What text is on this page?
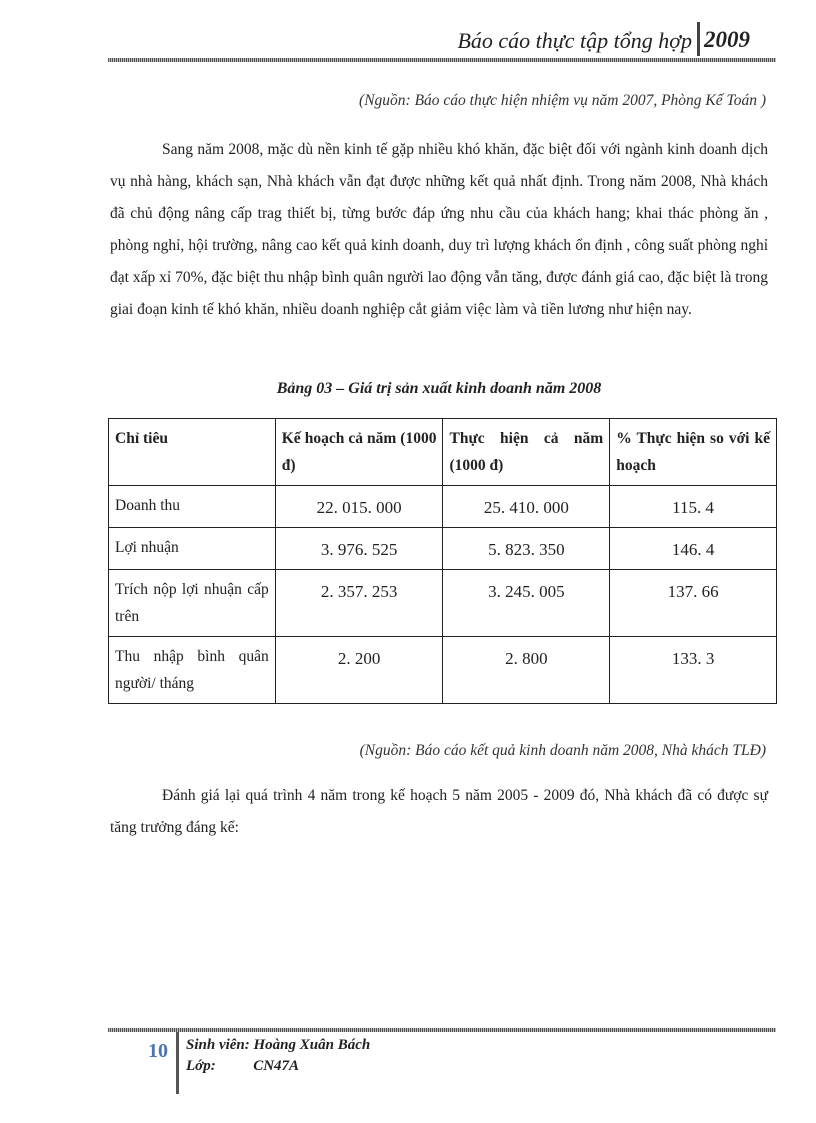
Báo cáo thực tập tổng hợp 2009
(Nguồn: Báo cáo thực hiện nhiệm vụ năm 2007, Phòng Kế Toán )
Sang năm 2008, mặc dù nền kinh tế gặp nhiều khó khăn, đặc biệt đối với ngành kinh doanh dịch vụ nhà hàng, khách sạn, Nhà khách vẫn đạt được những kết quả nhất định. Trong năm 2008, Nhà khách đã chủ động nâng cấp trag thiết bị, từng bước đáp ứng nhu cầu của khách hang; khai thác phòng ăn , phòng nghỉ, hội trường, nâng cao kết quả kinh doanh, duy trì lượng khách ổn định , công suất phòng nghỉ đạt xấp xỉ 70%, đặc biệt thu nhập bình quân người lao động vẫn tăng, được đánh giá cao, đặc biệt là trong giai đoạn kinh tế khó khăn, nhiều doanh nghiệp cắt giảm việc làm và tiền lương như hiện nay.
Bảng 03 – Giá trị sản xuất kinh doanh năm 2008
Chỉ tiêu	Kế hoạch cả năm (1000 đ)	Thực hiện cả năm (1000 đ)	% Thực hiện so với kế hoạch
Doanh thu	22. 015. 000	25. 410. 000	115. 4
Lợi nhuận	3. 976. 525	5. 823. 350	146. 4
Trích nộp lợi nhuận cấp trên	2. 357. 253	3. 245. 005	137. 66
Thu nhập bình quân người/ tháng	2. 200	2. 800	133. 3
(Nguồn: Báo cáo kết quả kinh doanh năm 2008, Nhà khách TLĐ)
Đánh giá lại quá trình 4 năm trong kế hoạch 5 năm 2005 - 2009 đó, Nhà khách đã có được sự tăng trưởng đáng kể:
10 Sinh viên: Hoàng Xuân Bách
Lớp:	CN47A
